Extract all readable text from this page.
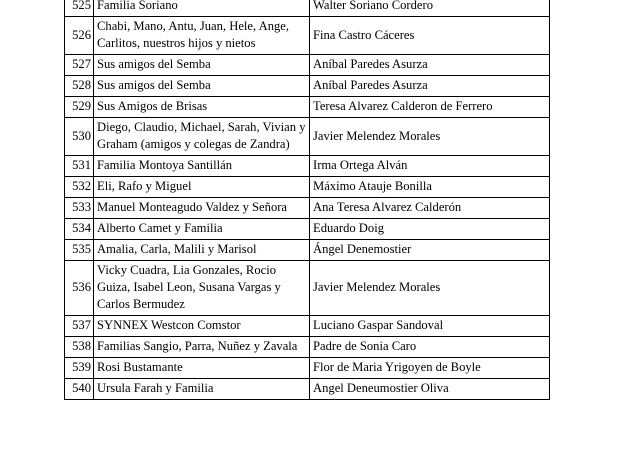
525	Familia Soriano	Walter Soriano Cordero
526	Chabi, Mano, Antu, Juan, Hele, Ange, Carlitos, nuestros hijos y nietos	Fina Castro Cáceres
527	Sus amigos del Semba	Aníbal Paredes Asurza
528	Sus amigos del Semba	Aníbal Paredes Asurza
529	Sus Amigos de Brisas	Teresa Alvarez Calderon de Ferrero
530	Diego, Claudio, Michael, Sarah, Vivian y Graham (amigos y colegas de Zandra)	Javier Melendez Morales
531	Familia Montoya Santillán	Irma Ortega Alván
532	Eli, Rafo y Miguel	Máximo Atauje Bonilla
533	Manuel Monteagudo Valdez y Señora	Ana Teresa Alvarez Calderón
534	Alberto Camet y Familia	Eduardo Doig
535	Amalia, Carla, Malili y Marisol	Ángel Denemostier
536	Vicky Cuadra, Lia Gonzales, Rocio Guiza, Isabel Leon, Susana Vargas y Carlos Bermudez	Javier Melendez Morales
537	SYNNEX Westcon Comstor	Luciano Gaspar Sandoval
538	Familias Sangio, Parra, Nuñez y Zavala	Padre de Sonia Caro
539	Rosi Bustamante	Flor de Maria Yrigoyen de Boyle
540	Ursula Farah y Familia	Angel Deneumostier Oliva
